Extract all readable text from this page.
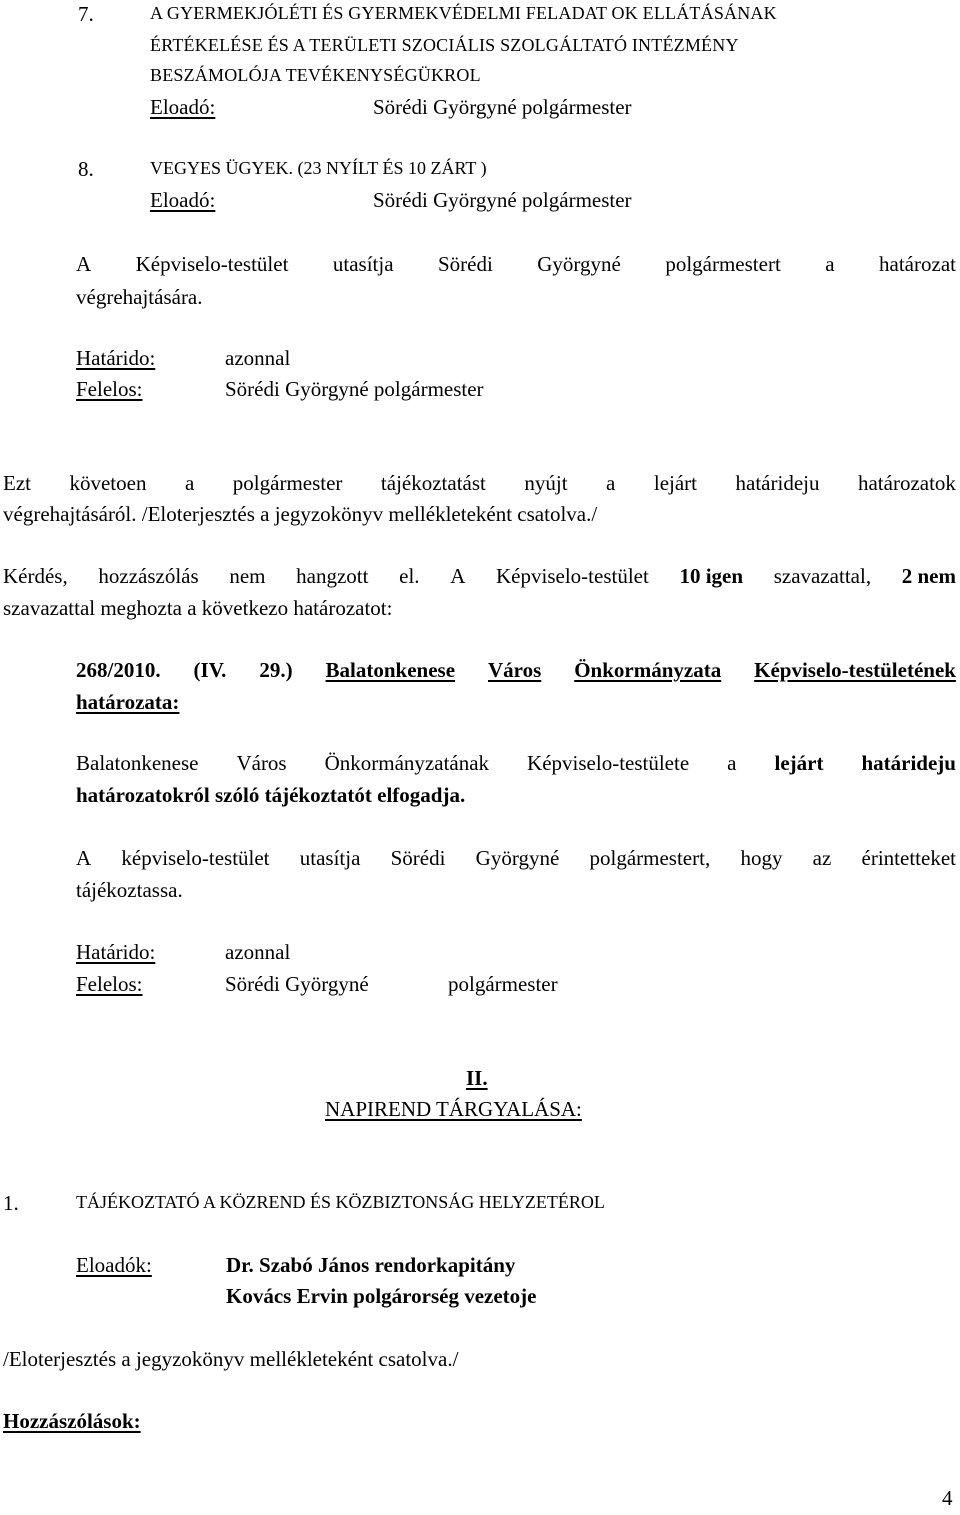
7.	A GYERMEKJÓLÉTI ÉS GYERMEKVÉDELMI FELADAT OK ELLÁTÁSÁNAK
ÉRTÉKELÉSE ÉS A TERÜLETI SZOCIÁLIS SZOLGÁLTATÓ INTÉZMÉNY
BESZÁMOLÓJA TEVÉKENYSÉGÜKROL
Eloadó:	Sörédi Györgyné polgármester
8.	VEGYES ÜGYEK. (23 NYÍLT ÉS 10 ZÁRT )
Eloadó:	Sörédi Györgyné polgármester
A Képviselo-testület utasítja Sörédi Györgyné polgármestert a határozat
végrehajtására.
Határido:	azonnal
Felelos:	Sörédi Györgyné polgármester
Ezt követoen a polgármester tájékoztatást nyújt a lejárt határideju határozatok
végrehajtásáról. /Eloterjesztés a jegyzokönyv mellékleteként csatolva./
Kérdés, hozzászólás nem hangzott el. A Képviselo-testület 10 igen szavazattal, 2 nem
szavazattal meghozta a következo határozatot:
268/2010. (IV. 29.) Balatonkenese Város Önkormányzata Képviselo-testületének
határozata:
Balatonkenese Város Önkormányzatának Képviselo-testülete a lejárt határideju
határozatokról szóló tájékoztatót elfogadja.
A képviselo-testület utasítja Sörédi Györgyné polgármestert, hogy az érintetteket
tájékoztassa.
Határido:	azonnal
Felelos:	Sörédi Györgyné	polgármester
II.
NAPIREND TÁRGYALÁSA:
1.	TÁJÉKOZTATÓ A KÖZREND ÉS KÖZBIZTONSÁG HELYZETÉROL
Eloadók:	Dr. Szabó János rendorkapitány
Kovács Ervin polgárorség vezetoje
/Eloterjesztés a jegyzokönyv mellékleteként csatolva./
Hozzászólások:
4
